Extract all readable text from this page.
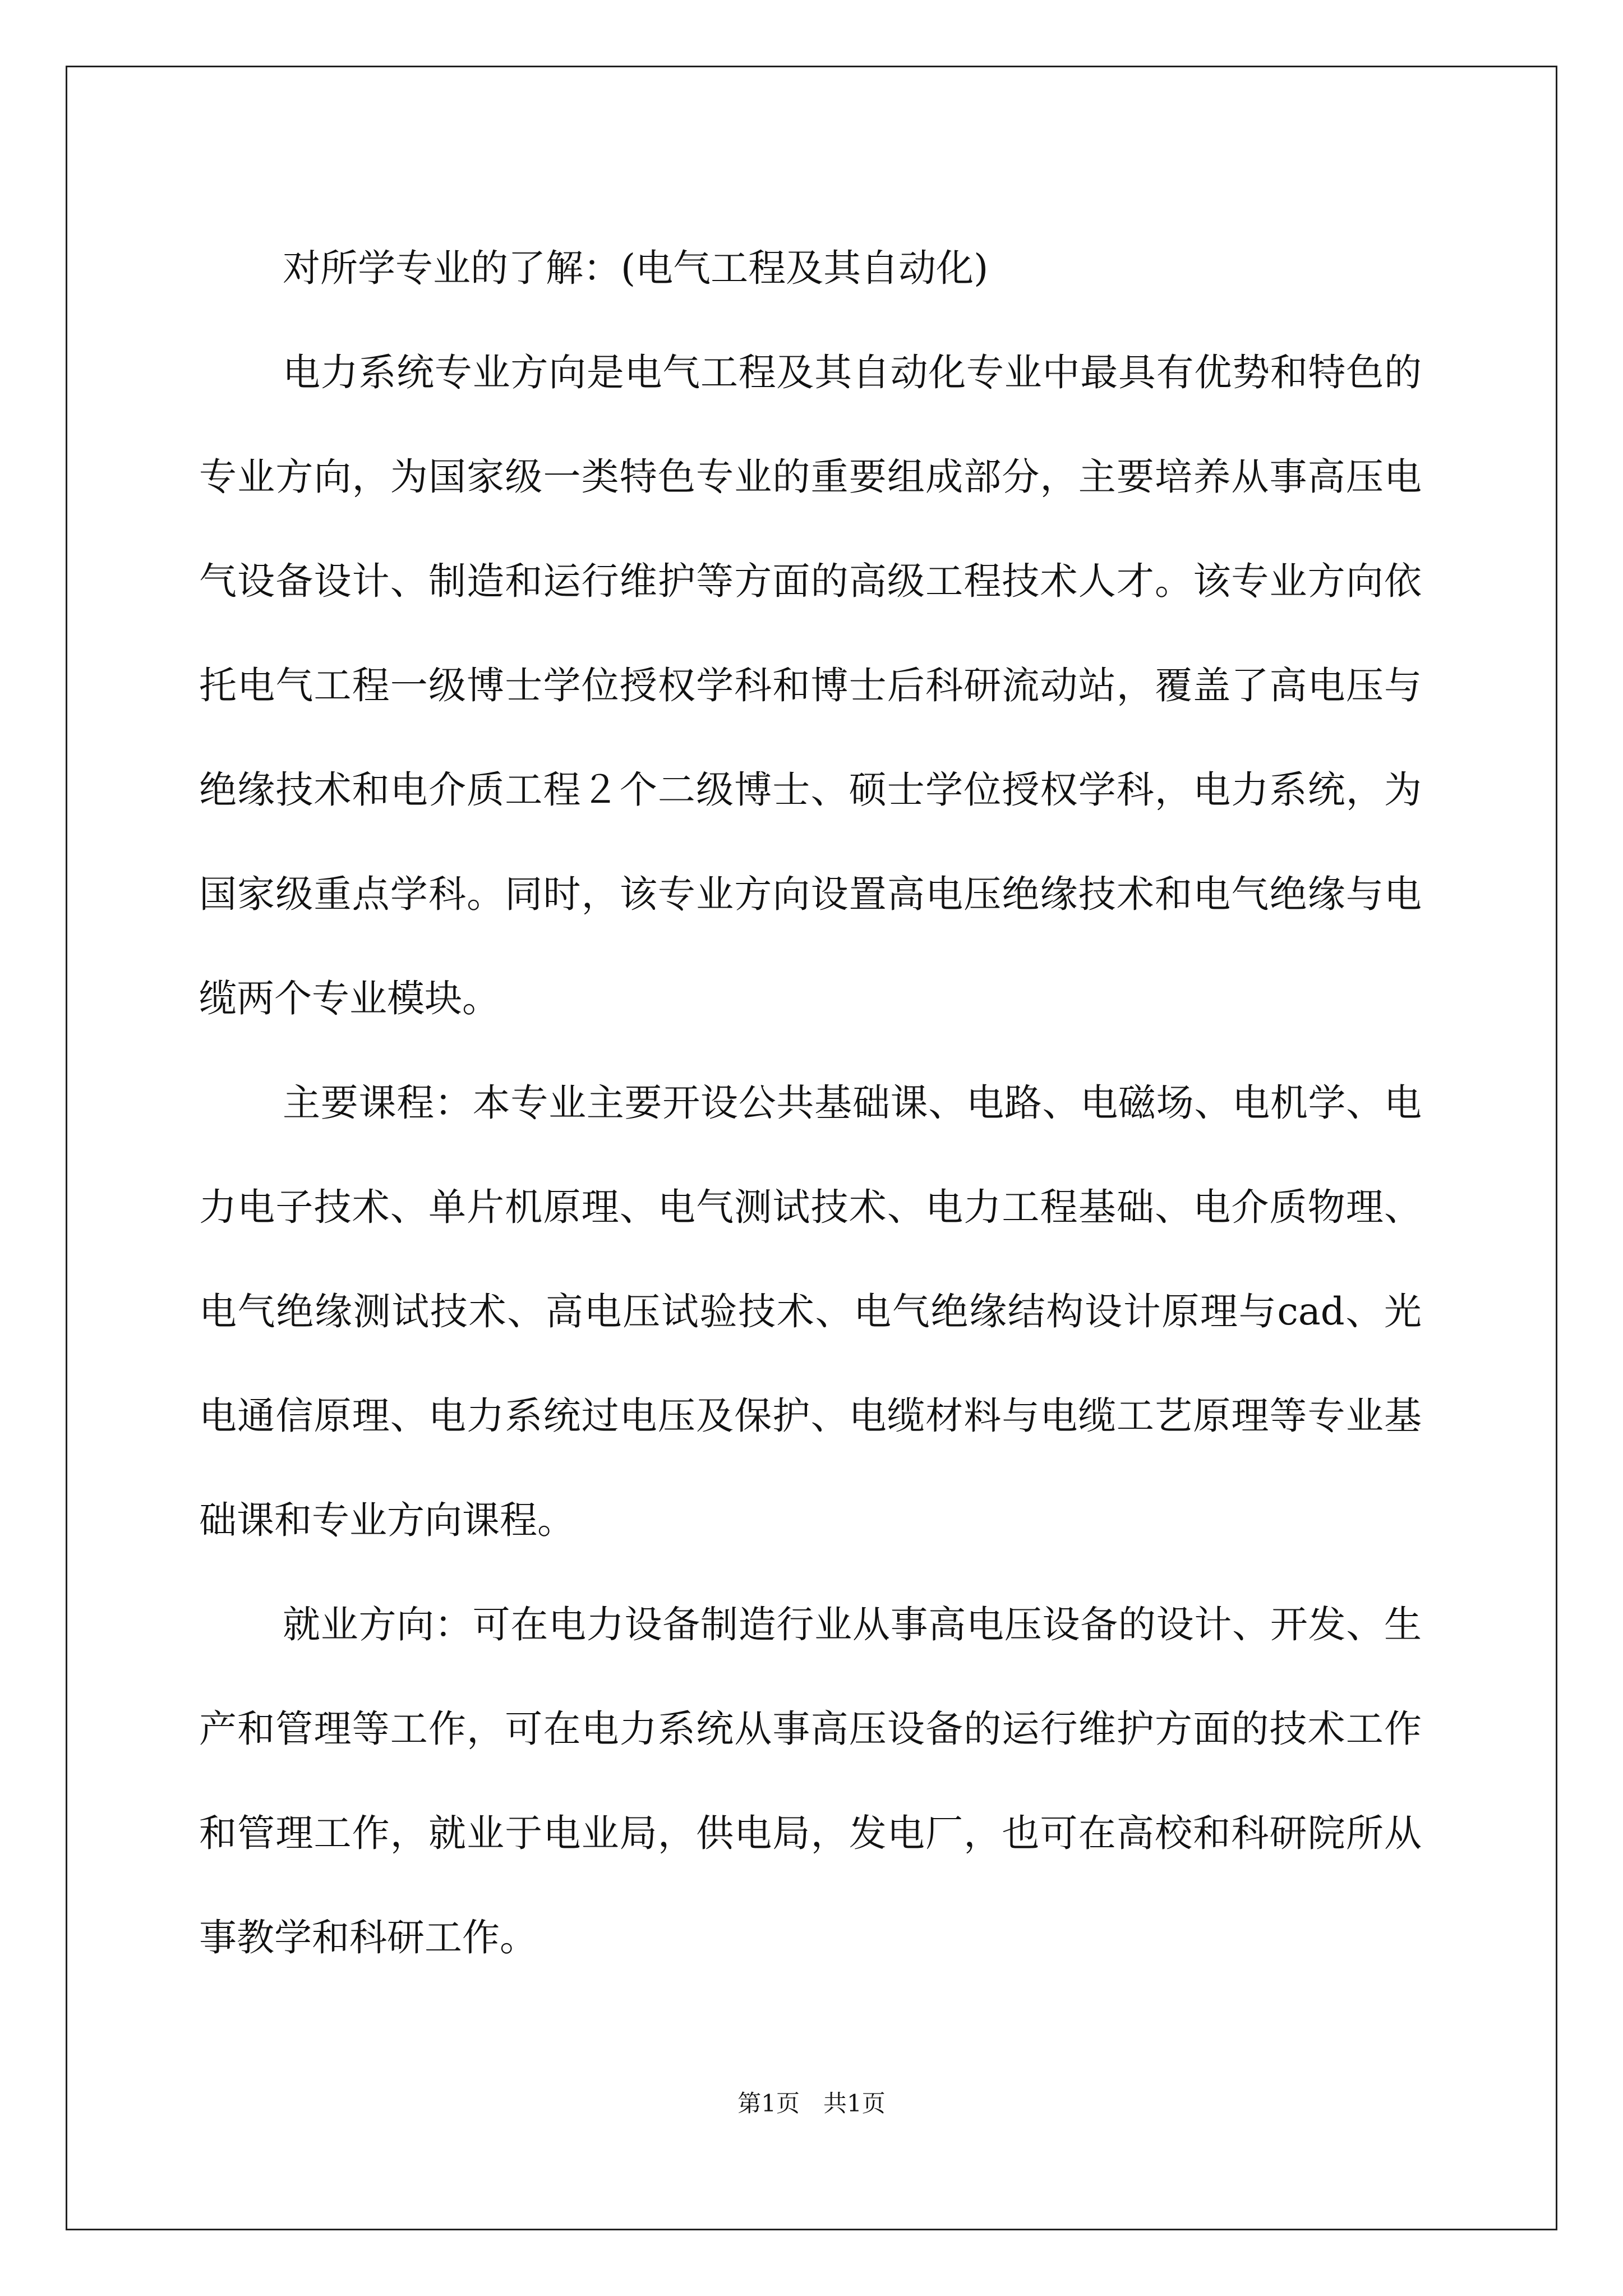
对所学专业的了解：(电气工程及其自动化)

电力系统专业方向是电气工程及其自动化专业中最具有优势和特色的专业方向，为国家级一类特色专业的重要组成部分，主要培养从事高压电气设备设计、制造和运行维护等方面的高级工程技术人才。该专业方向依托电气工程一级博士学位授权学科和博士后科研流动站，覆盖了高电压与绝缘技术和电介质工程２个二级博士、硕士学位授权学科，电力系统，为国家级重点学科。同时，该专业方向设置高电压绝缘技术和电气绝缘与电缆两个专业模块。

主要课程：本专业主要开设公共基础课、电路、电磁场、电机学、电力电子技术、单片机原理、电气测试技术、电力工程基础、电介质物理、电气绝缘测试技术、高电压试验技术、电气绝缘结构设计原理与cad、光电通信原理、电力系统过电压及保护、电缆材料与电缆工艺原理等专业基础课和专业方向课程。

就业方向：可在电力设备制造行业从事高电压设备的设计、开发、生产和管理等工作，可在电力系统从事高压设备的运行维护方面的技术工作和管理工作，就业于电业局，供电局，发电厂，也可在高校和科研院所从事教学和科研工作。

第1页　共1页
